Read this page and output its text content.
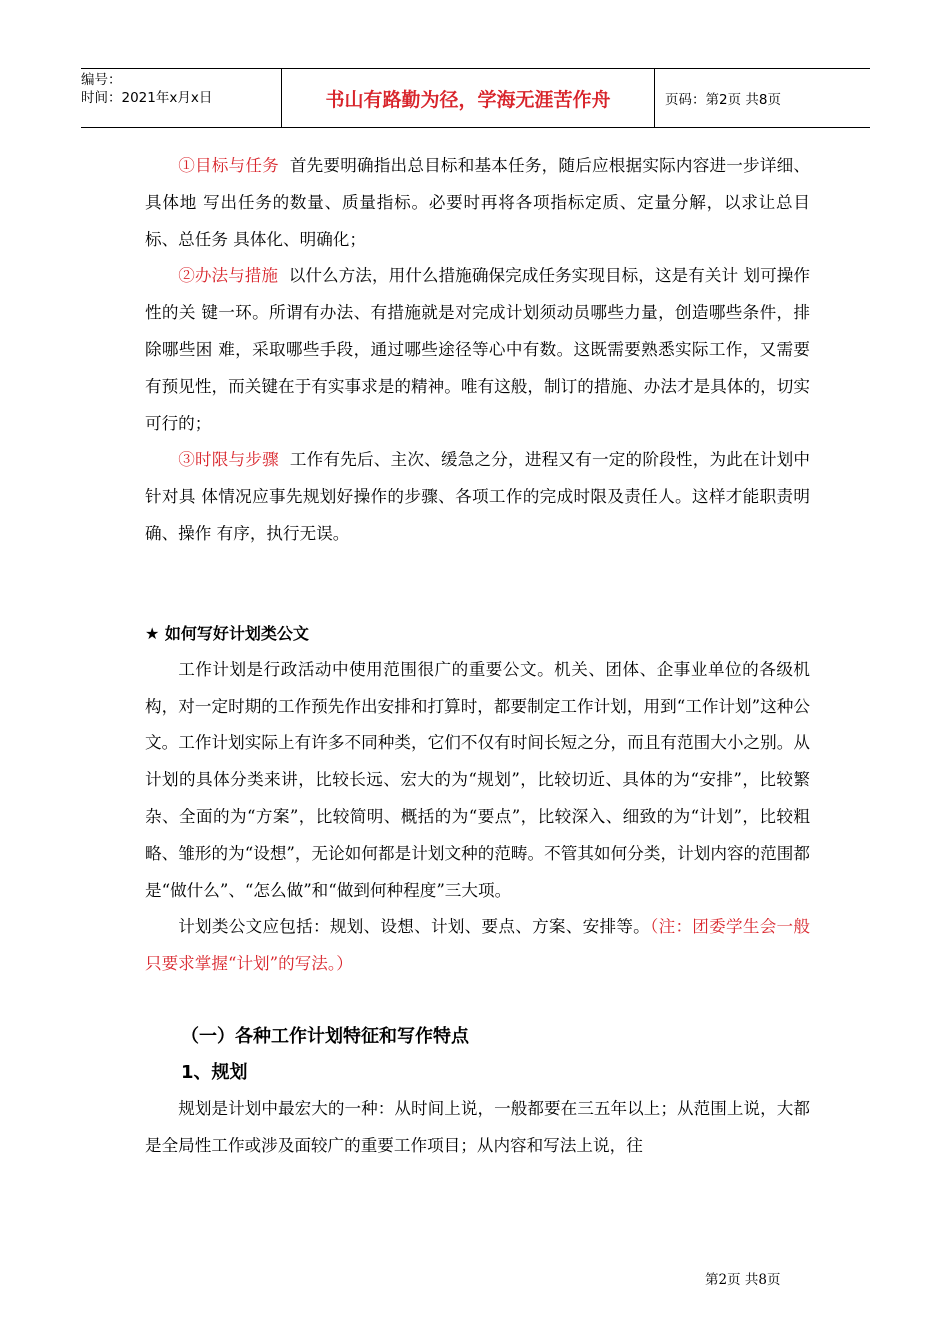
编号：
时间：2021年x月x日	书山有路勤为径，学海无涯苦作舟	页码：第2页 共8页

①目标与任务 首先要明确指出总目标和基本任务，随后应根据实际内容进一步详细、具体地 写出任务的数量、质量指标。必要时再将各项指标定质、定量分解，以求让总目标、总任务 具体化、明确化；

②办法与措施 以什么方法，用什么措施确保完成任务实现目标，这是有关计 划可操作性的关 键一环。所谓有办法、有措施就是对完成计划须动员哪些力量，创造哪些条件，排除哪些困 难，采取哪些手段，通过哪些途径等心中有数。这既需要熟悉实际工作，又需要有预见性，而关键在于有实事求是的精神。唯有这般，制订的措施、办法才是具体的，切实可行的；

③时限与步骤 工作有先后、主次、缓急之分，进程又有一定的阶段性，为此在计划中针对具 体情况应事先规划好操作的步骤、各项工作的完成时限及责任人。这样才能职责明确、操作 有序，执行无误。

★ 如何写好计划类公文

工作计划是行政活动中使用范围很广的重要公文。机关、团体、企事业单位的各级机构，对一定时期的工作预先作出安排和打算时，都要制定工作计划，用到“工作计划”这种公文。工作计划实际上有许多不同种类，它们不仅有时间长短之分，而且有范围大小之别。从计划的具体分类来讲，比较长远、宏大的为“规划”，比较切近、具体的为“安排”，比较繁杂、全面的为“方案”，比较简明、概括的为“要点”，比较深入、细致的为“计划”，比较粗略、雏形的为“设想”，无论如何都是计划文种的范畴。不管其如何分类，计划内容的范围都是“做什么”、“怎么做”和“做到何种程度”三大项。

计划类公文应包括：规划、设想、计划、要点、方案、安排等。（注：团委学生会一般只要求掌握“计划”的写法。）

（一）各种工作计划特征和写作特点
1、规划

规划是计划中最宏大的一种：从时间上说，一般都要在三五年以上；从范围上说，大都是全局性工作或涉及面较广的重要工作项目；从内容和写法上说，往

第2页 共8页
